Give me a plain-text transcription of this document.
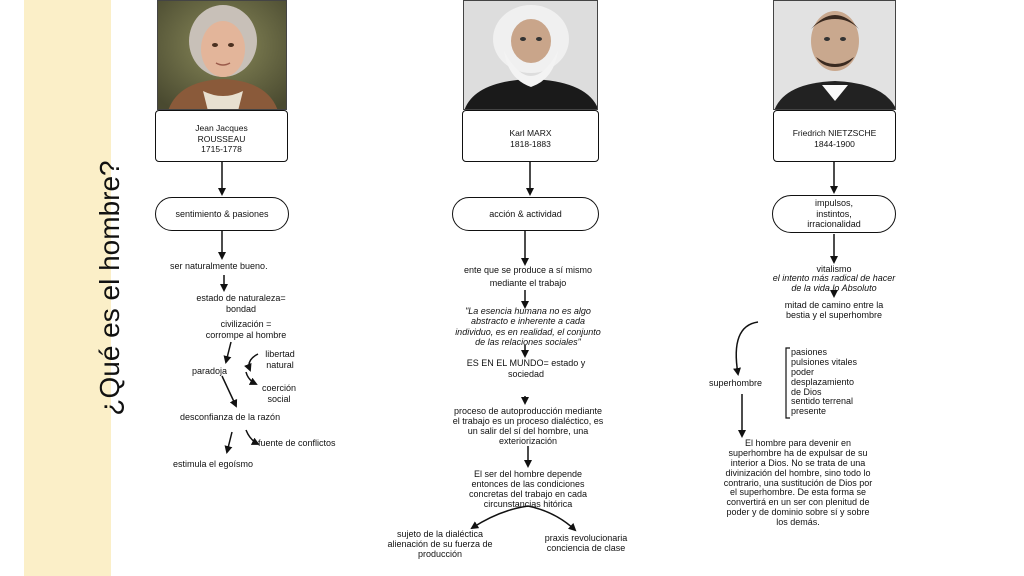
¿Qué es el hombre?
Jean Jacques
ROUSSEAU
1715-1778
Karl MARX
1818-1883
Friedrich NIETZSCHE
1844-1900
sentimiento & pasiones	acción & actividad
impulsos,
instintos,
irracionalidad
ser naturalmente bueno.
estado de naturaleza=
bondad
civilización =
corrompe al hombre
libertad
natural
paradoja
coerción
social
desconfianza de la razón
fuente de conflictos
estimula el egoísmo
ente que se produce a sí mismo
mediante el trabajo
"La esencia humana no es algo
abstracto e inherente a cada
individuo, es en realidad, el conjunto
de las relaciones sociales"
ES EN EL MUNDO= estado y
sociedad
proceso de autoproducción mediante
el trabajo es un proceso dialéctico, es
un salir del sí del hombre, una
exteriorización
El ser del hombre depende
entonces de las condiciones
concretas del trabajo en cada
circunstancias hitórica
sujeto de la dialéctica
alienación de su fuerza de
producción
praxis revolucionaria
conciencia de clase
vitalismo
el intento más radical de hacer
de la vida lo Absoluto
mitad de camino entre la
bestia y el superhombre
superhombre
pasiones
pulsiones vitales
poder
desplazamiento
de Dios
sentido terrenal
presente
El hombre para devenir en
superhombre ha de expulsar de su
interior a Dios. No se trata de una
divinización del hombre, sino todo lo
contrario, una sustitución de Dios por
el superhombre. De esta forma se
convertirá en un ser con plenitud de
poder y de dominio sobre sí y sobre
los demás.
